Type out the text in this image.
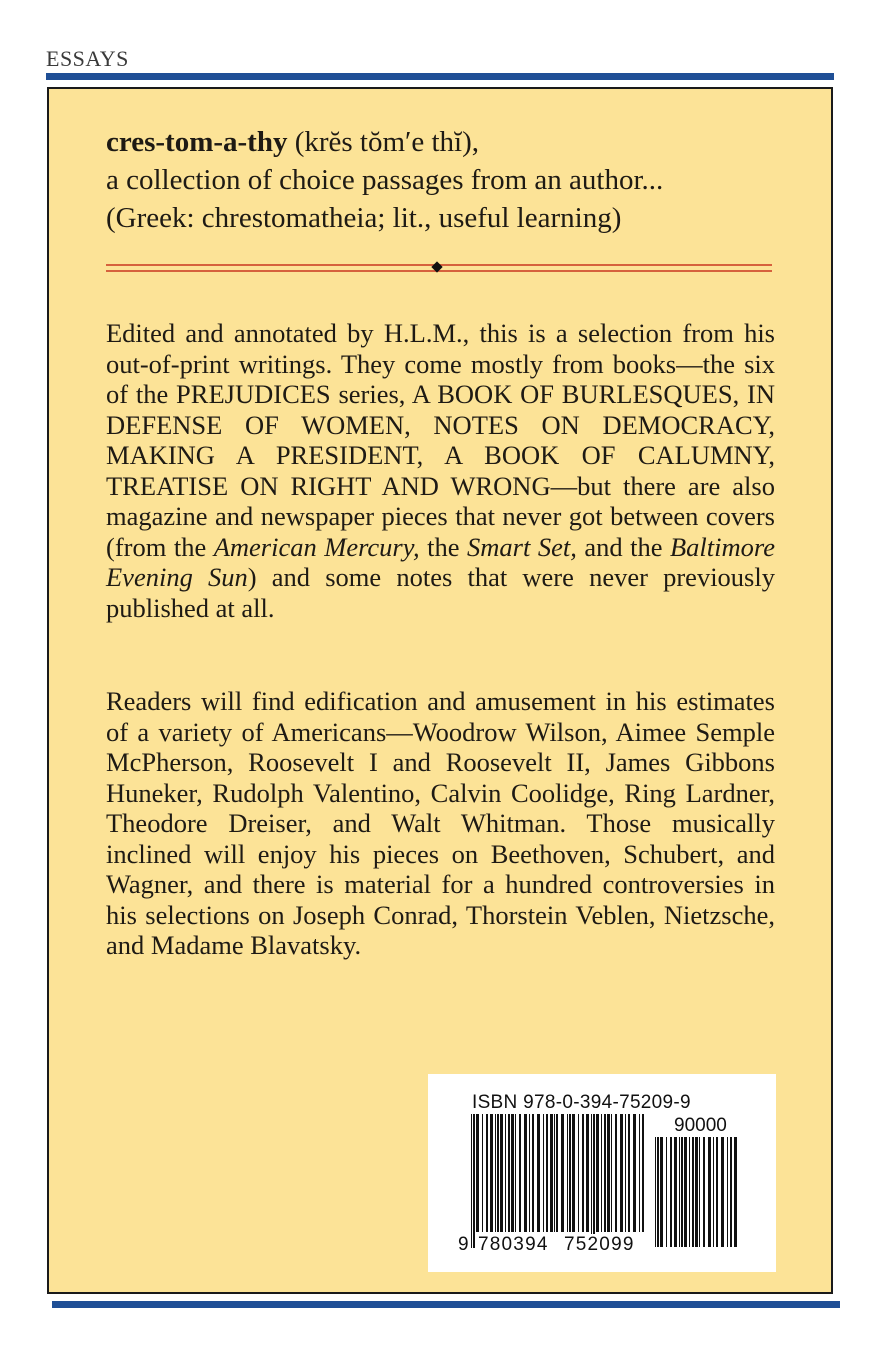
ESSAYS

cres-tom-a-thy (krĕs tŏm′e thĭ),

a collection of choice passages from an author...

(Greek: chrestomatheia; lit., useful learning)

Edited and annotated by H.L.M., this is a selection from his out-of-print writings. They come mostly from books—the six of the PREJUDICES series, A BOOK OF BURLESQUES, IN DEFENSE OF WOMEN, NOTES ON DEMOCRACY, MAKING A PRESIDENT, A BOOK OF CALUMNY, TREATISE ON RIGHT AND WRONG—but there are also magazine and newspaper pieces that never got between covers (from the American Mercury, the Smart Set, and the Baltimore Evening Sun) and some notes that were never previously published at all.

Readers will find edification and amusement in his estimates of a variety of Americans—Woodrow Wilson, Aimee Semple McPherson, Roosevelt I and Roosevelt II, James Gibbons Huneker, Rudolph Valentino, Calvin Coolidge, Ring Lardner, Theodore Dreiser, and Walt Whitman. Those musically inclined will enjoy his pieces on Beethoven, Schubert, and Wagner, and there is material for a hundred controversies in his selections on Joseph Conrad, Thorstein Veblen, Nietzsche, and Madame Blavatsky.

ISBN 978-0-394-75209-9
90000
9 780394 752099
